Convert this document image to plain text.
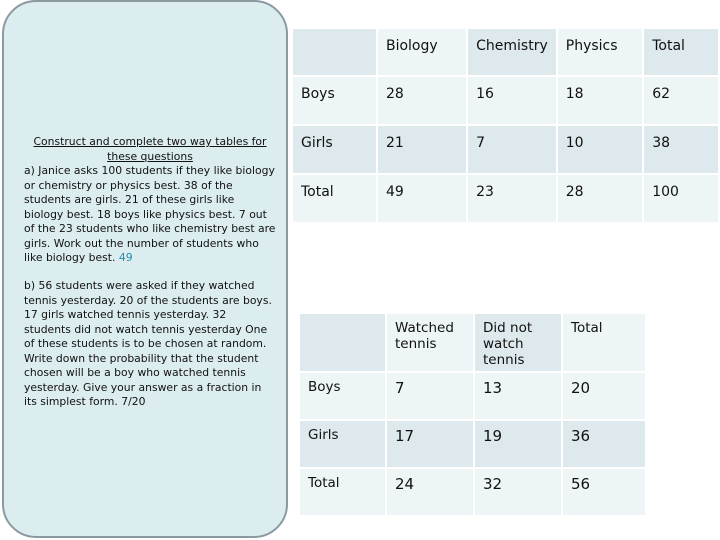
Construct and complete two way tables for these questions

a) Janice asks 100 students if they like biology or chemistry or physics best. 38 of the students are girls. 21 of these girls like biology best. 18 boys like physics best. 7 out of the 23 students who like chemistry best are girls. Work out the number of students who like biology best. 49

b) 56 students were asked if they watched tennis yesterday. 20 of the students are boys. 17 girls watched tennis yesterday. 32 students did not watch tennis yesterday One of these students is to be chosen at random. Write down the probability that the student chosen will be a boy who watched tennis yesterday. Give your answer as a fraction in its simplest form. 7/20

	Biology	Chemistry	Physics	Total
Boys	28	16	18	62
Girls	21	7	10	38
Total	49	23	28	100
	Watched tennis	Did not watch tennis	Total
Boys	7	13	20
Girls	17	19	36
Total	24	32	56
